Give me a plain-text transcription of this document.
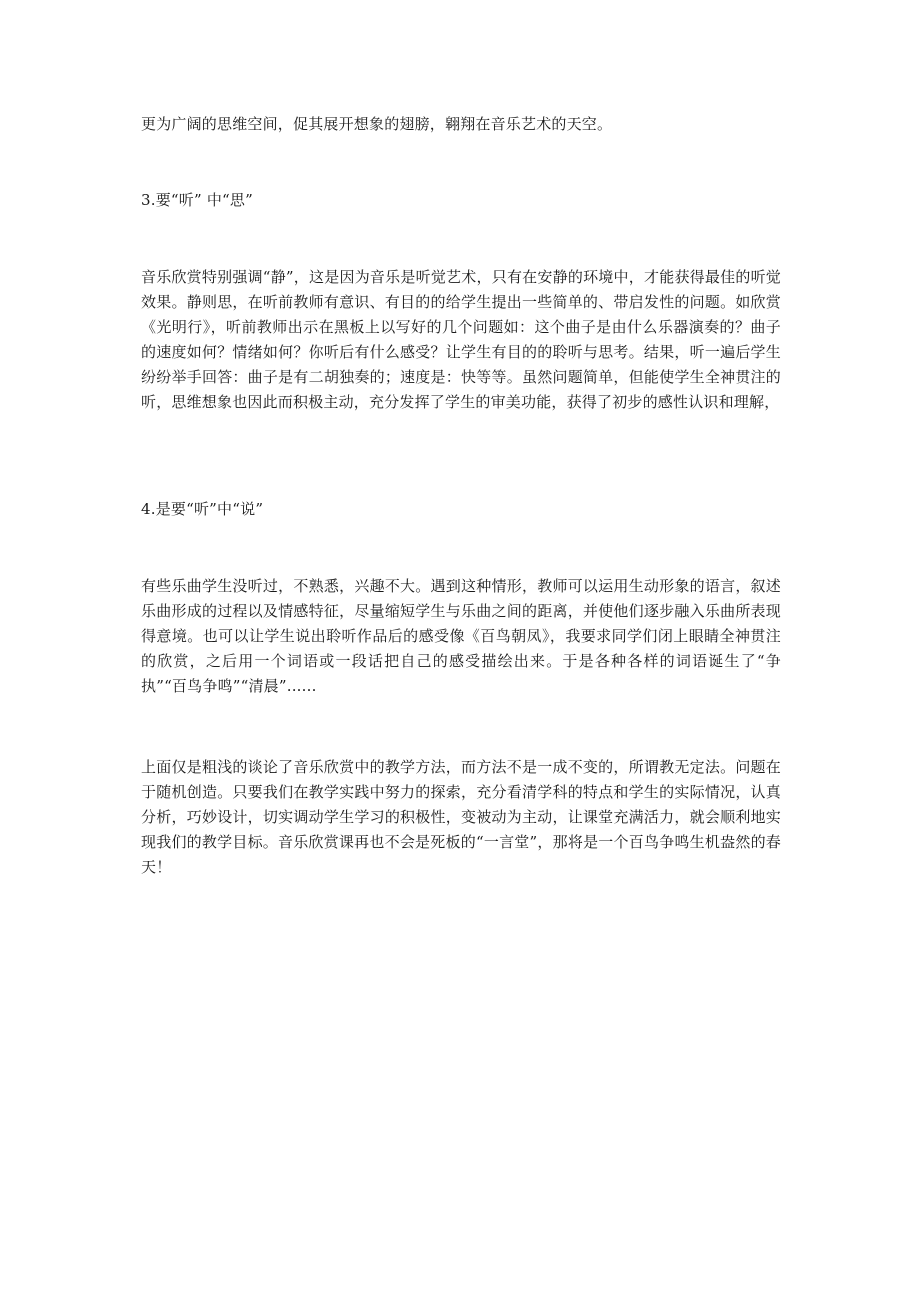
更为广阔的思维空间，促其展开想象的翅膀，翱翔在音乐艺术的天空。

3.要“听” 中“思”

音乐欣赏特别强调“静”，这是因为音乐是听觉艺术，只有在安静的环境中，才能获得最佳的听觉效果。静则思，在听前教师有意识、有目的的给学生提出一些简单的、带启发性的问题。如欣赏《光明行》，听前教师出示在黑板上以写好的几个问题如：这个曲子是由什么乐器演奏的？曲子的速度如何？情绪如何？你听后有什么感受？让学生有目的的聆听与思考。结果，听一遍后学生纷纷举手回答：曲子是有二胡独奏的；速度是：快等等。虽然问题简单，但能使学生全神贯注的听，思维想象也因此而积极主动，充分发挥了学生的审美功能，获得了初步的感性认识和理解，

4.是要“听”中“说”

有些乐曲学生没听过，不熟悉，兴趣不大。遇到这种情形，教师可以运用生动形象的语言，叙述乐曲形成的过程以及情感特征，尽量缩短学生与乐曲之间的距离，并使他们逐步融入乐曲所表现得意境。也可以让学生说出聆听作品后的感受像《百鸟朝凤》，我要求同学们闭上眼睛全神贯注的欣赏，之后用一个词语或一段话把自己的感受描绘出来。于是各种各样的词语诞生了“争执”“百鸟争鸣”“清晨”......

上面仅是粗浅的谈论了音乐欣赏中的教学方法，而方法不是一成不变的，所谓教无定法。问题在于随机创造。只要我们在教学实践中努力的探索，充分看清学科的特点和学生的实际情况，认真分析，巧妙设计，切实调动学生学习的积极性，变被动为主动，让课堂充满活力，就会顺利地实现我们的教学目标。音乐欣赏课再也不会是死板的“一言堂”，那将是一个百鸟争鸣生机盎然的春天！
